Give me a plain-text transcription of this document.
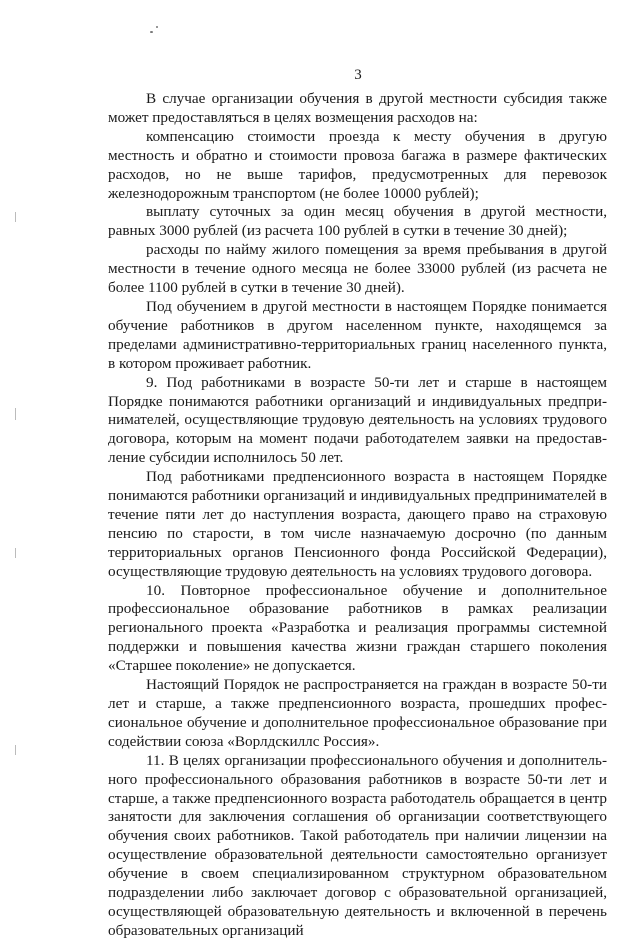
3

В случае организации обучения в другой местности субсидия также может предоставляться в целях возмещения расходов на:

компенсацию стоимости проезда к месту обучения в другую местность и обратно и стоимости провоза багажа в размере фактических расходов, но не выше тарифов, предусмотренных для перевозок железнодорожным транспортом (не более 10000 рублей);

выплату суточных за один месяц обучения в другой местности, равных 3000 рублей (из расчета 100 рублей в сутки в течение 30 дней);

расходы по найму жилого помещения за время пребывания в другой местности в течение одного месяца не более 33000 рублей (из расчета не более 1100 рублей в сутки в течение 30 дней).

Под обучением в другой местности в настоящем Порядке понимается обучение работников в другом населенном пункте, находящемся за пределами административно-территориальных границ населенного пункта, в котором проживает работник.

9. Под работниками в возрасте 50-ти лет и старше в настоящем Порядке понимаются работники организаций и индивидуальных предпринимателей, осуществляющие трудовую деятельность на условиях трудового договора, которым на момент подачи работодателем заявки на предоставление субсидии исполнилось 50 лет.

Под работниками предпенсионного возраста в настоящем Порядке понимаются работники организаций и индивидуальных предпринимателей в течение пяти лет до наступления возраста, дающего право на страховую пенсию по старости, в том числе назначаемую досрочно (по данным территориальных органов Пенсионного фонда Российской Федерации), осуществляющие трудовую деятельность на условиях трудового договора.

10. Повторное профессиональное обучение и дополнительное профессиональное образование работников в рамках реализации регионального проекта «Разработка и реализация программы системной поддержки и повышения качества жизни граждан старшего поколения «Старшее поколение» не допускается.

Настоящий Порядок не распространяется на граждан в возрасте 50-ти лет и старше, а также предпенсионного возраста, прошедших профессиональное обучение и дополнительное профессиональное образование при содействии союза «Ворлдскиллс Россия».

11. В целях организации профессионального обучения и дополнительного профессионального образования работников в возрасте 50-ти лет и старше, а также предпенсионного возраста работодатель обращается в центр занятости для заключения соглашения об организации соответствующего обучения своих работников. Такой работодатель при наличии лицензии на осуществление образовательной деятельности самостоятельно организует обучение в своем специализированном структурном образовательном подразделении либо заключает договор с образовательной организацией, осуществляющей образовательную деятельность и включенной в перечень образовательных организаций
